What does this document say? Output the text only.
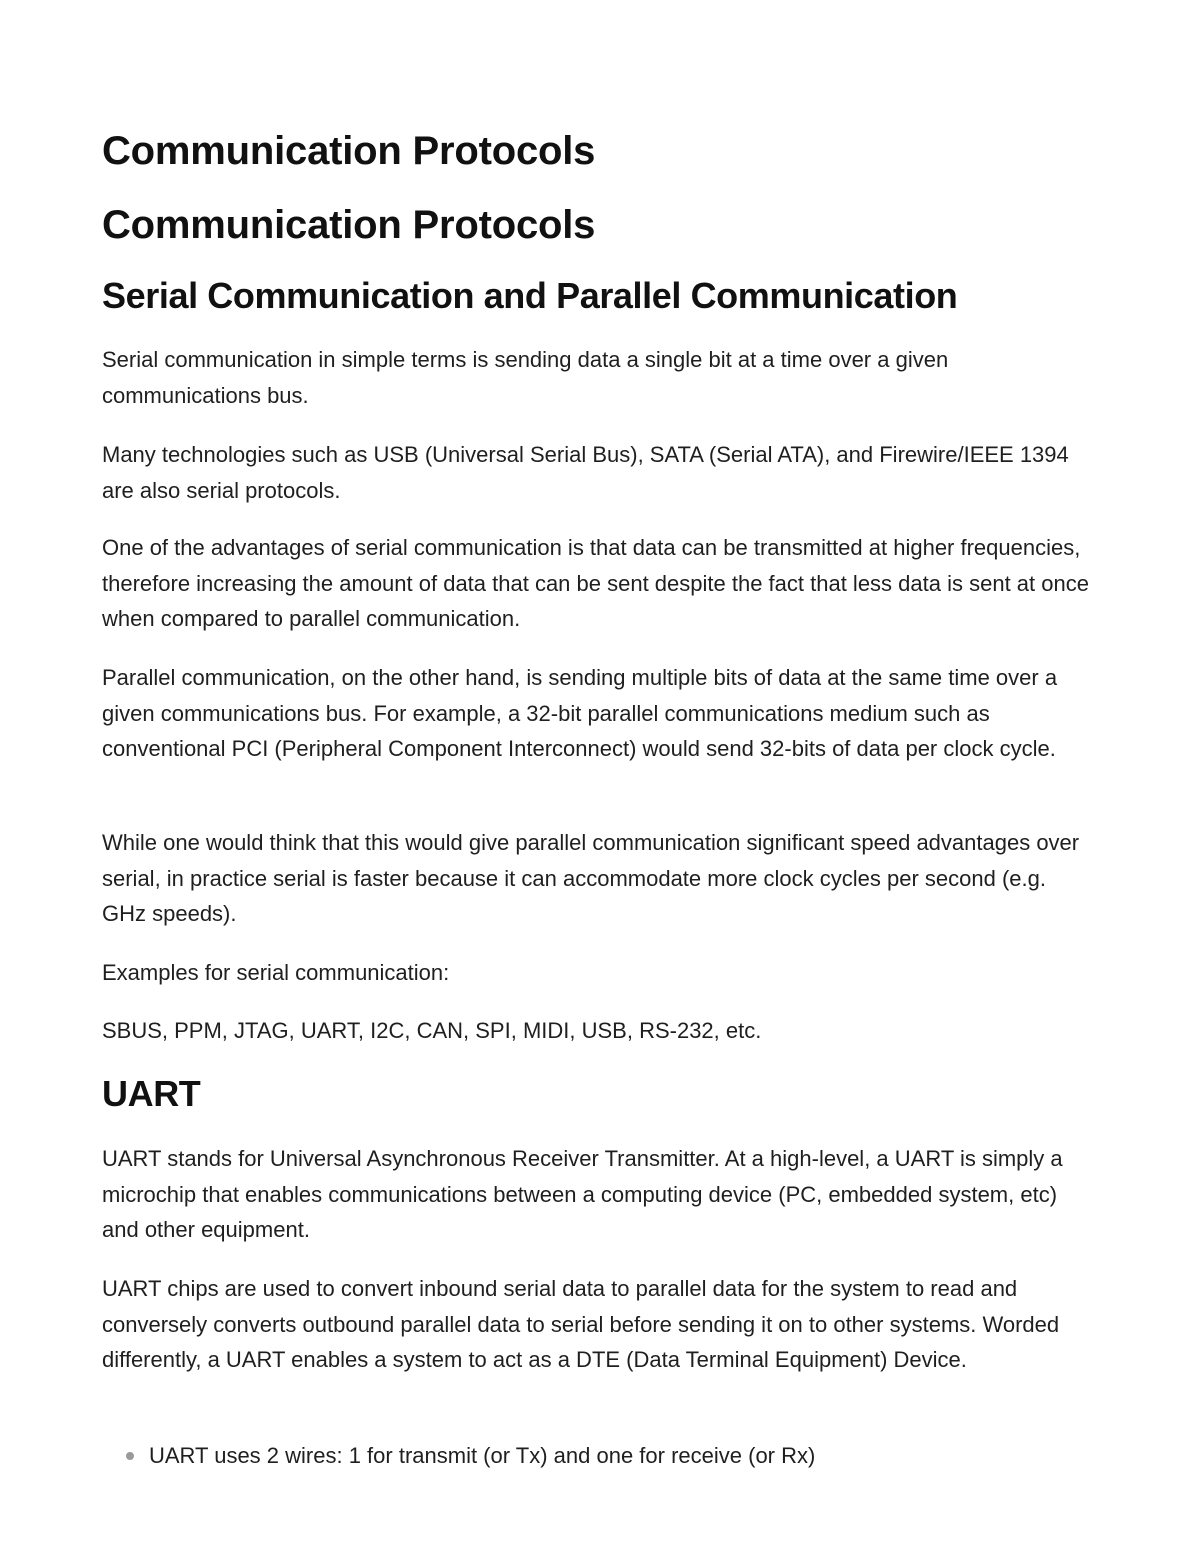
Communication Protocols
Communication Protocols
Serial Communication and Parallel Communication

Serial communication in simple terms is sending data a single bit at a time over a given communications bus.

Many technologies such as USB (Universal Serial Bus), SATA (Serial ATA), and Firewire/IEEE 1394 are also serial protocols.

One of the advantages of serial communication is that data can be transmitted at higher frequencies, therefore increasing the amount of data that can be sent despite the fact that less data is sent at once when compared to parallel communication.

Parallel communication, on the other hand, is sending multiple bits of data at the same time over a given communications bus. For example, a 32-bit parallel communications medium such as conventional PCI (Peripheral Component Interconnect) would send 32-bits of data per clock cycle.

While one would think that this would give parallel communication significant speed advantages over serial, in practice serial is faster because it can accommodate more clock cycles per second (e.g. GHz speeds).

Examples for serial communication:

SBUS, PPM, JTAG, UART, I2C, CAN, SPI, MIDI, USB, RS-232, etc.

UART

UART stands for Universal Asynchronous Receiver Transmitter. At a high-level, a UART is simply a microchip that enables communications between a computing device (PC, embedded system, etc) and other equipment.

UART chips are used to convert inbound serial data to parallel data for the system to read and conversely converts outbound parallel data to serial before sending it on to other systems. Worded differently, a UART enables a system to act as a DTE (Data Terminal Equipment) Device.

UART uses 2 wires: 1 for transmit (or Tx) and one for receive (or Rx)
